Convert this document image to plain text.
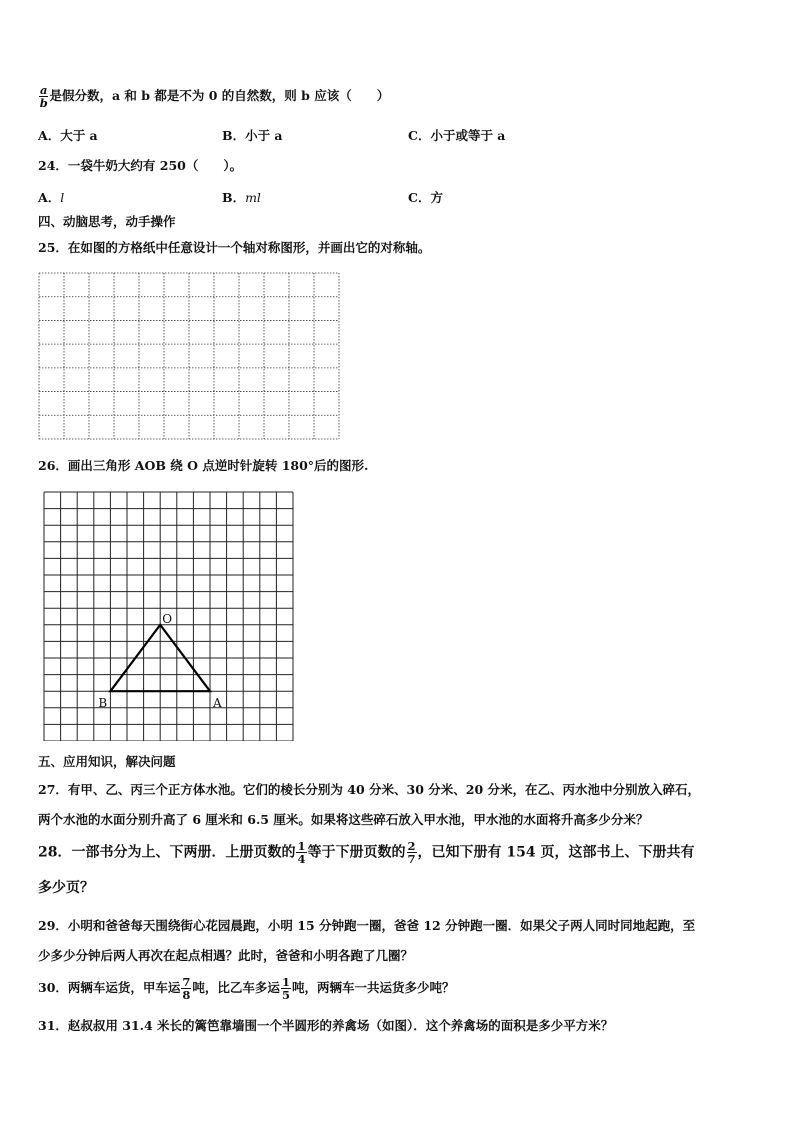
$\frac{a}{b}$ 是假分数，a 和 b 都是不为 0 的自然数，则 b 应该（　　）
A．大于 a	B．小于 a	C．小于或等于 a
24．一袋牛奶大约有 250（　　）。
A．l	B．ml	C．方
四、动脑思考，动手操作
25．在如图的方格纸中任意设计一个轴对称图形，并画出它的对称轴。
26．画出三角形 AOB 绕 O 点逆时针旋转 180°后的图形.
O
A
B
五、应用知识，解决问题
27．有甲、乙、丙三个正方体水池。它们的棱长分别为 40 分米、30 分米、20 分米，在乙、丙水池中分别放入碎石，
两个水池的水面分别升高了 6 厘米和 6.5 厘米。如果将这些碎石放入甲水池，甲水池的水面将升高多少分米？
28．一部书分为上、下两册．上册页数的 $\frac{1}{4}$ 等于下册页数的 $\frac{2}{7}$ ，已知下册有 154 页，这部书上、下册共有
多少页？
29．小明和爸爸每天围绕街心花园晨跑，小明 15 分钟跑一圈，爸爸 12 分钟跑一圈．如果父子两人同时同地起跑，至
少多少分钟后两人再次在起点相遇？此时，爸爸和小明各跑了几圈？
30．两辆车运货，甲车运 $\frac{7}{8}$ 吨，比乙车多运 $\frac{1}{5}$ 吨，两辆车一共运货多少吨？
31．赵叔叔用 31.4 米长的篱笆靠墙围一个半圆形的养禽场（如图）．这个养禽场的面积是多少平方米？
